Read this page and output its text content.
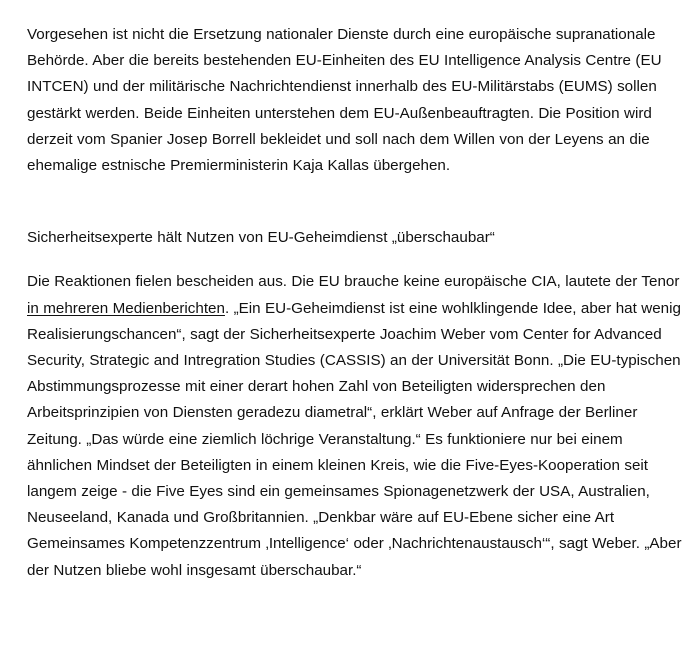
Vorgesehen ist nicht die Ersetzung nationaler Dienste durch eine europäische supranationale Behörde. Aber die bereits bestehenden EU-Einheiten des EU Intelligence Analysis Centre (EU INTCEN) und der militärische Nachrichtendienst innerhalb des EU-Militärstabs (EUMS) sollen gestärkt werden. Beide Einheiten unterstehen dem EU-Außenbeauftragten. Die Position wird derzeit vom Spanier Josep Borrell bekleidet und soll nach dem Willen von der Leyens an die ehemalige estnische Premierministerin Kaja Kallas übergehen.

Sicherheitsexperte hält Nutzen von EU-Geheimdienst „überschaubar“

Die Reaktionen fielen bescheiden aus. Die EU brauche keine europäische CIA, lautete der Tenor in mehreren Medienberichten. „Ein EU-Geheimdienst ist eine wohlklingende Idee, aber hat wenig Realisierungschancen“, sagt der Sicherheitsexperte Joachim Weber vom Center for Advanced Security, Strategic and Intregration Studies (CASSIS) an der Universität Bonn. „Die EU-typischen Abstimmungsprozesse mit einer derart hohen Zahl von Beteiligten widersprechen den Arbeitsprinzipien von Diensten geradezu diametral“, erklärt Weber auf Anfrage der Berliner Zeitung. „Das würde eine ziemlich löchrige Veranstaltung.“ Es funktioniere nur bei einem ähnlichen Mindset der Beteiligten in einem kleinen Kreis, wie die Five-Eyes-Kooperation seit langem zeige - die Five Eyes sind ein gemeinsames Spionagenetzwerk der USA, Australien, Neuseeland, Kanada und Großbritannien. „Denkbar wäre auf EU-Ebene sicher eine Art Gemeinsames Kompetenzzentrum ‚Intelligence‘ oder ‚Nachrichtenaustausch‘“, sagt Weber. „Aber der Nutzen bliebe wohl insgesamt überschaubar.“
